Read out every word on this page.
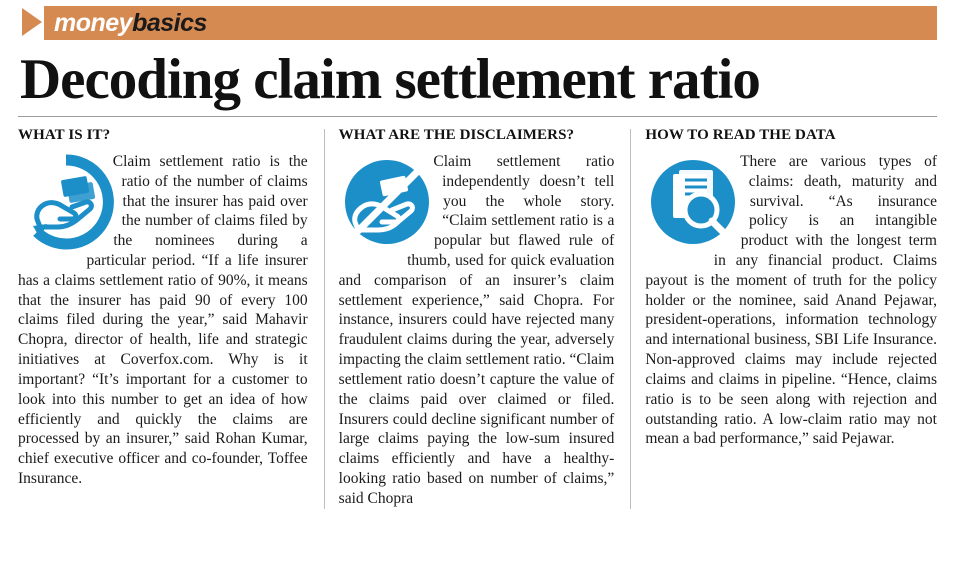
money basics
Decoding claim settlement ratio
WHAT IS IT?
Claim settlement ratio is the ratio of the number of claims that the insurer has paid over the number of claims filed by the nominees during a particular period. “If a life insurer has a claims settlement ratio of 90%, it means that the insurer has paid 90 of every 100 claims filed during the year,” said Mahavir Chopra, director of health, life and strategic initiatives at Coverfox.com. Why is it important? “It’s important for a customer to look into this number to get an idea of how efficiently and quickly the claims are processed by an insurer,” said Rohan Kumar, chief executive officer and co-founder, Toffee Insurance.
WHAT ARE THE DISCLAIMERS?
Claim settlement ratio independently doesn’t tell you the whole story. “Claim settlement ratio is a popular but flawed rule of thumb, used for quick evaluation and comparison of an insurer’s claim settlement experience,” said Chopra. For instance, insurers could have rejected many fraudulent claims during the year, adversely impacting the claim settlement ratio. “Claim settlement ratio doesn’t capture the value of the claims paid over claimed or filed. Insurers could decline significant number of large claims paying the low-sum insured claims efficiently and have a healthy-looking ratio based on number of claims,” said Chopra
HOW TO READ THE DATA
There are various types of claims: death, maturity and survival. “As insurance policy is an intangible product with the longest term in any financial product. Claims payout is the moment of truth for the policy holder or the nominee, said Anand Pejawar, president-operations, information technology and international business, SBI Life Insurance. Non-approved claims may include rejected claims and claims in pipeline. “Hence, claims ratio is to be seen along with rejection and outstanding ratio. A low-claim ratio may not mean a bad performance,” said Pejawar.
